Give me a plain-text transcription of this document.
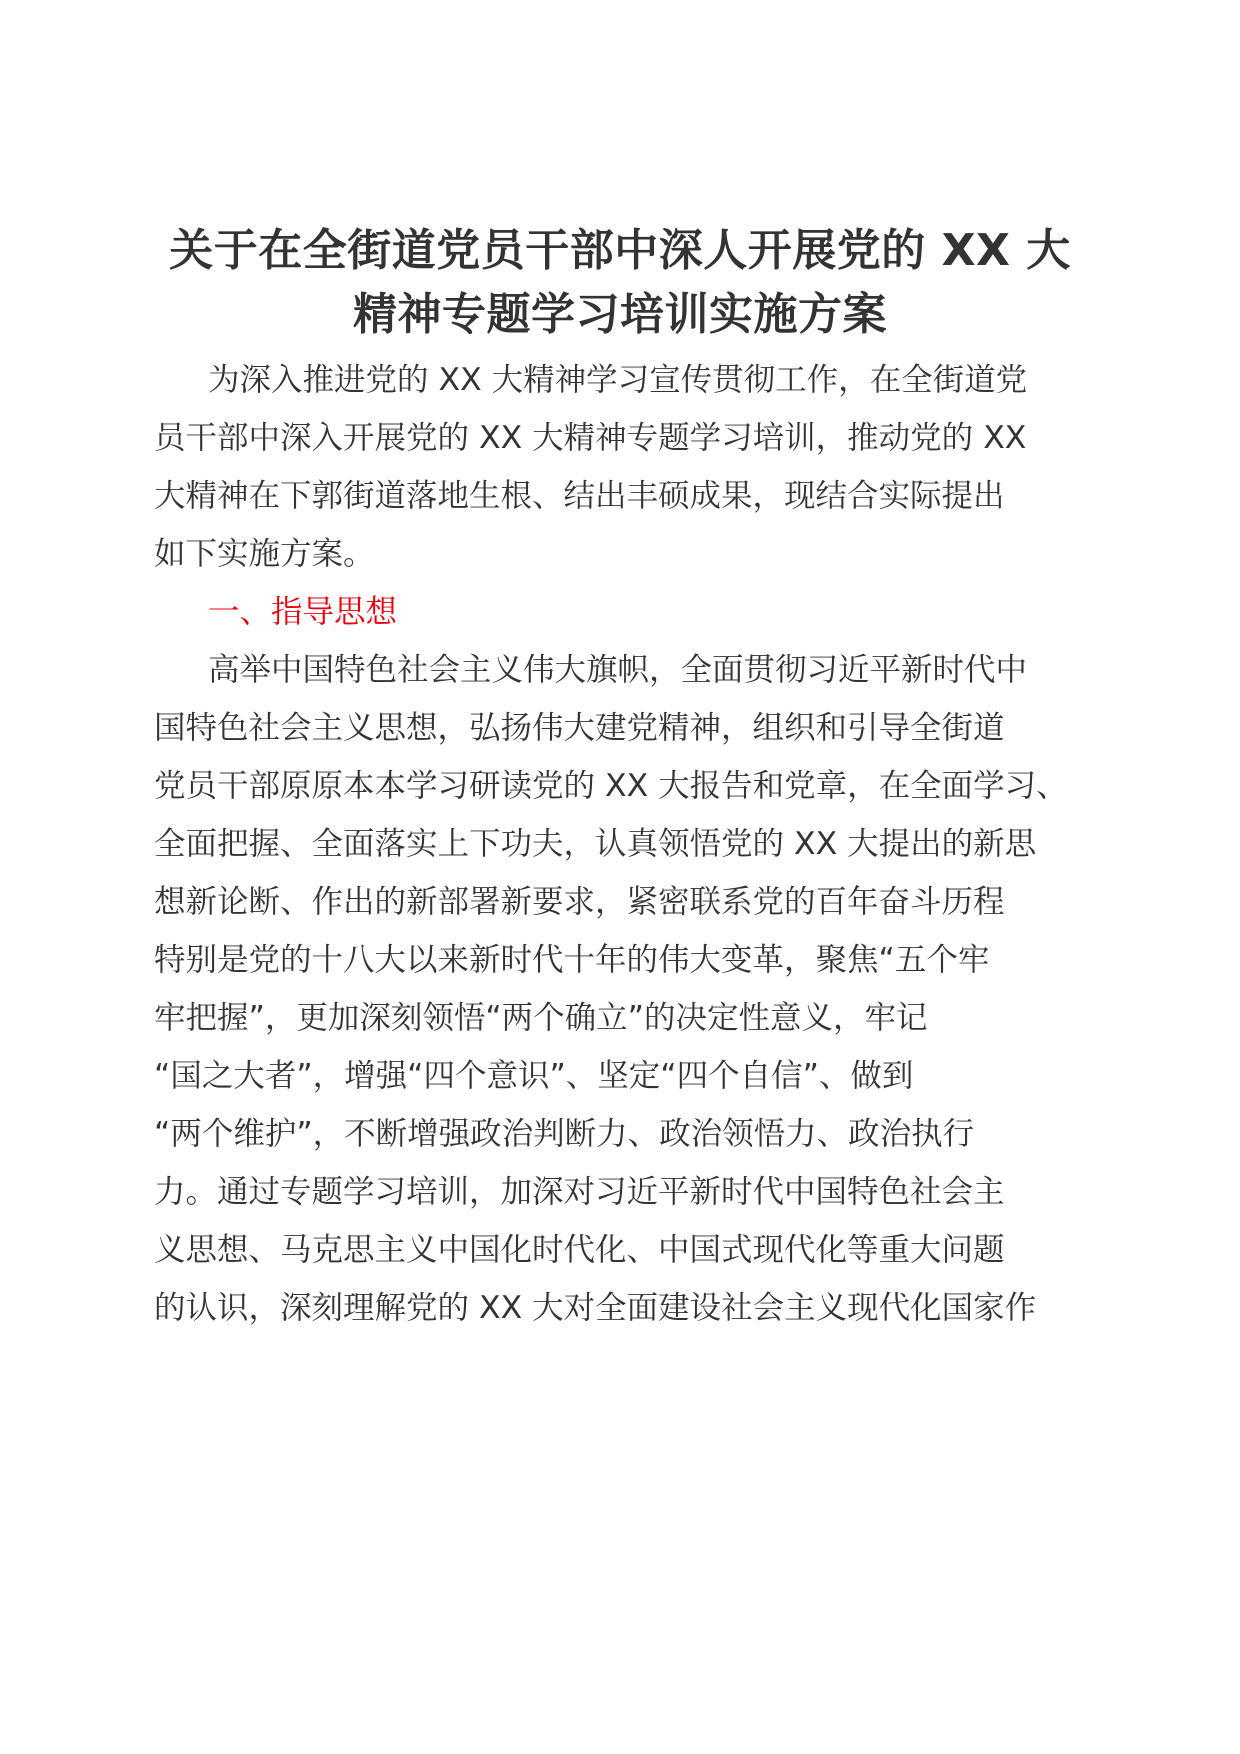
关于在全街道党员干部中深人开展党的 XX 大
精神专题学习培训实施方案
为深入推进党的 XX 大精神学习宣传贯彻工作，在全街道党
员干部中深入开展党的 XX 大精神专题学习培训，推动党的 XX
大精神在下郭街道落地生根、结出丰硕成果，现结合实际提出
如下实施方案。
一、指导思想
高举中国特色社会主义伟大旗帜，全面贯彻习近平新时代中
国特色社会主义思想，弘扬伟大建党精神，组织和引导全街道
党员干部原原本本学习研读党的 XX 大报告和党章，在全面学习、
全面把握、全面落实上下功夫，认真领悟党的 XX 大提出的新思
想新论断、作出的新部署新要求，紧密联系党的百年奋斗历程
特别是党的十八大以来新时代十年的伟大变革，聚焦“五个牢
牢把握”，更加深刻领悟“两个确立”的决定性意义，牢记
“国之大者”，增强“四个意识”、坚定“四个自信”、做到
“两个维护”，不断增强政治判断力、政治领悟力、政治执行
力。通过专题学习培训，加深对习近平新时代中国特色社会主
义思想、马克思主义中国化时代化、中国式现代化等重大问题
的认识，深刻理解党的 XX 大对全面建设社会主义现代化国家作
